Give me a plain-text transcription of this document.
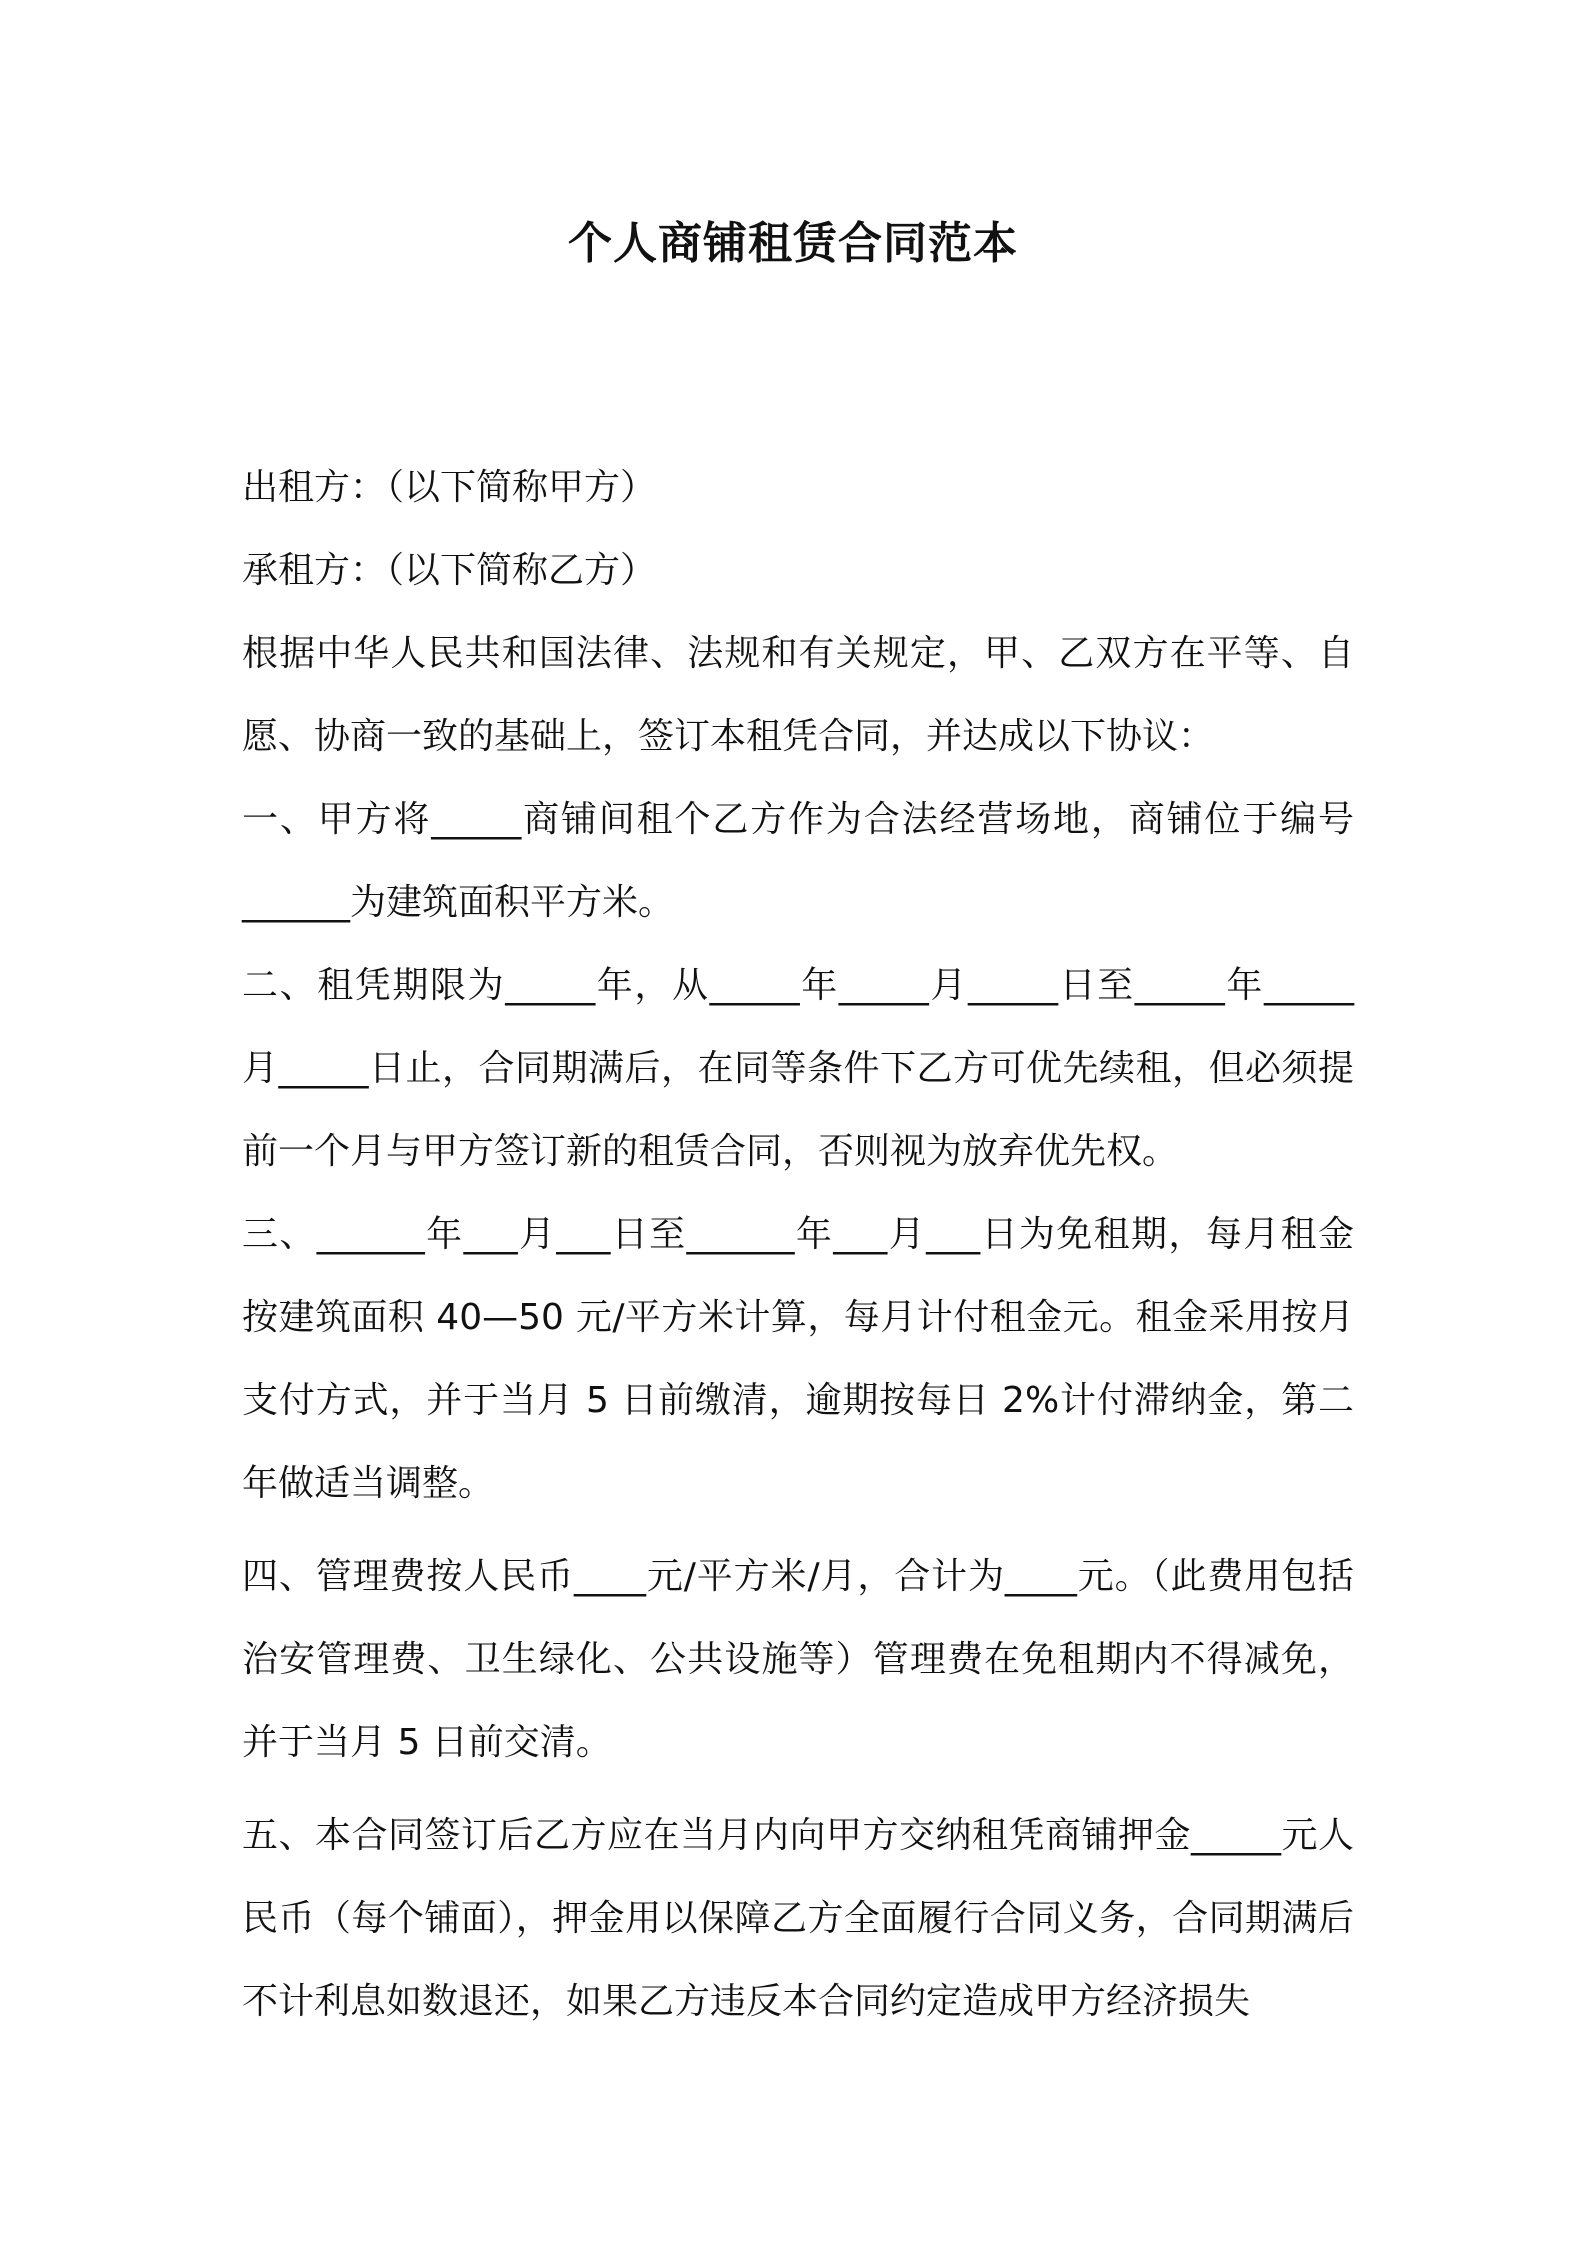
个人商铺租赁合同范本

出租方：（以下简称甲方）

承租方：（以下简称乙方）

根据中华人民共和国法律、法规和有关规定，甲、乙双方在平等、自愿、协商一致的基础上，签订本租凭合同，并达成以下协议：

一、甲方将_____商铺间租个乙方作为合法经营场地，商铺位于编号______为建筑面积平方米。

二、租凭期限为_____年，从_____年_____月_____日至_____年_____月_____日止，合同期满后，在同等条件下乙方可优先续租，但必须提前一个月与甲方签订新的租赁合同，否则视为放弃优先权。

三、______年___月___日至______年___月___日为免租期，每月租金按建筑面积 40—50 元/平方米计算，每月计付租金元。租金采用按月支付方式，并于当月 5 日前缴清，逾期按每日 2%计付滞纳金，第二年做适当调整。

四、管理费按人民币____元/平方米/月，合计为____元。（此费用包括治安管理费、卫生绿化、公共设施等）管理费在免租期内不得减免，并于当月 5 日前交清。

五、本合同签订后乙方应在当月内向甲方交纳租凭商铺押金_____元人民币（每个铺面），押金用以保障乙方全面履行合同义务，合同期满后不计利息如数退还，如果乙方违反本合同约定造成甲方经济损失
